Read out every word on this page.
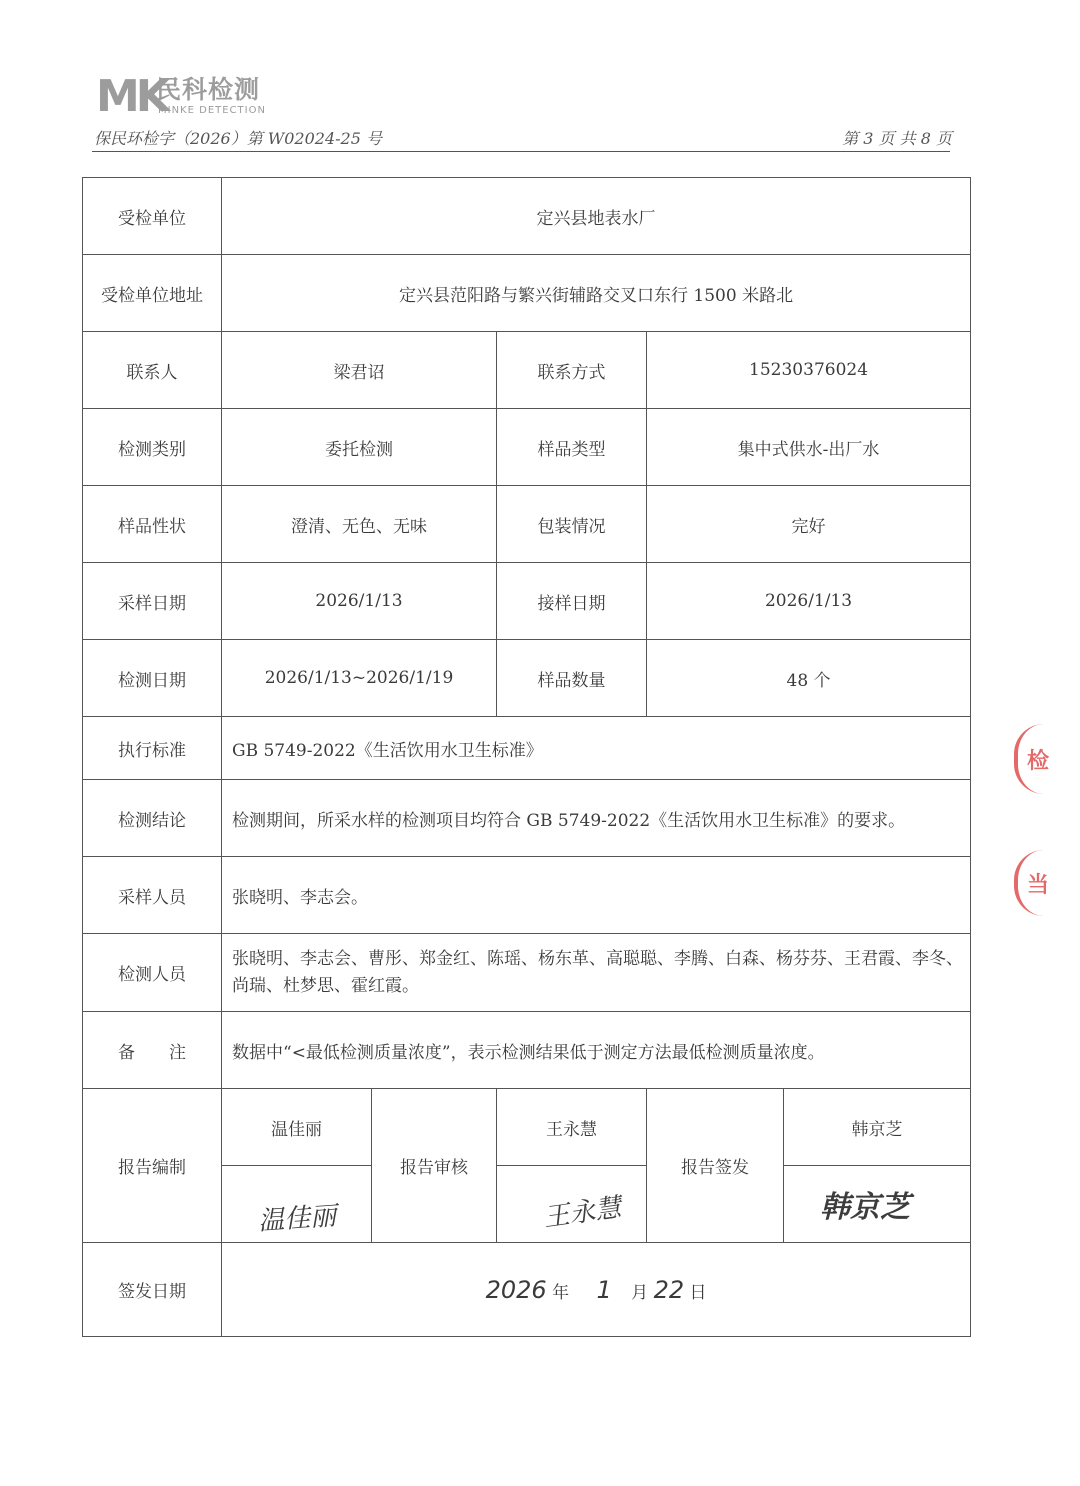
MK
民科检测
MINKE DETECTION
保民环检字（2026）第 W02024-25 号	第 3 页 共 8 页
受检单位	定兴县地表水厂				
受检单位地址	定兴县范阳路与繁兴街辅路交叉口东行 1500 米路北				
联系人	梁君诏		联系方式	15230376024	
检测类别	委托检测		样品类型	集中式供水-出厂水	
样品性状	澄清、无色、无味		包装情况	完好	
采样日期	2026/1/13		接样日期	2026/1/13	
检测日期	2026/1/13~2026/1/19		样品数量	48 个	
执行标准	GB 5749-2022《生活饮用水卫生标准》				
检测结论	检测期间，所采水样的检测项目均符合 GB 5749-2022《生活饮用水卫生标准》的要求。				
采样人员	张晓明、李志会。				
检测人员	张晓明、李志会、曹彤、郑金红、陈瑶、杨东革、高聪聪、李腾、白森、杨芬芬、王君霞、李冬、尚瑞、杜梦思、霍红霞。				
备　　注	数据中“<最低检测质量浓度”，表示检测结果低于测定方法最低检测质量浓度。				
报告编制	温佳丽	报告审核	王永慧	报告签发	韩京芝

	温佳丽		王永慧		韩京芝

签发日期	2026 年 1 月 22 日				
检
当
